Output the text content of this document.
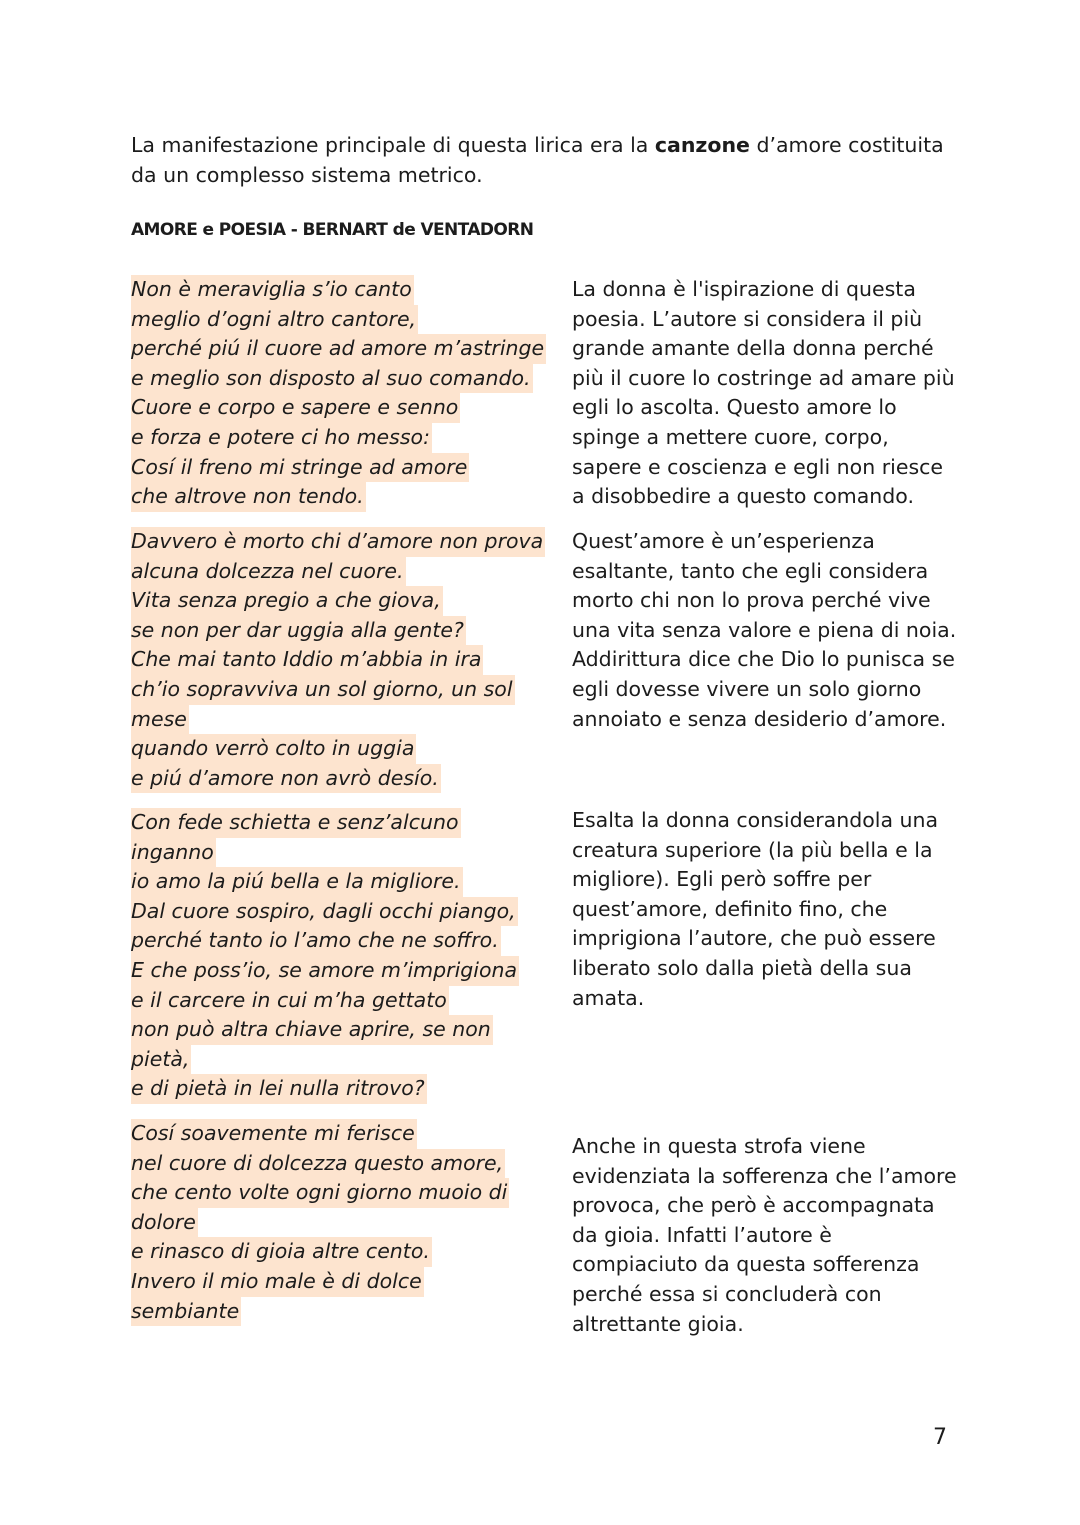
La manifestazione principale di questa lirica era la canzone d’amore costituita da un complesso sistema metrico.

AMORE e POESIA - BERNART de VENTADORN
Non è meraviglia s’io canto
meglio d’ogni altro cantore,
perché piú il cuore ad amore m’astringe
e meglio son disposto al suo comando.
Cuore e corpo e sapere e senno
e forza e potere ci ho messo:
Cosí il freno mi stringe ad amore
che altrove non tendo.

La donna è l'ispirazione di questa poesia. L’autore si considera il più grande amante della donna perché più il cuore lo costringe ad amare più egli lo ascolta. Questo amore lo spinge a mettere cuore, corpo, sapere e coscienza e egli non riesce a disobbedire a questo comando.

Davvero è morto chi d’amore non prova
alcuna dolcezza nel cuore.
Vita senza pregio a che giova,
se non per dar uggia alla gente?
Che mai tanto Iddio m’abbia in ira
ch’io sopravviva un sol giorno, un sol
mese
quando verrò colto in uggia
e piú d’amore non avrò desío.

Quest’amore è un’esperienza esaltante, tanto che egli considera morto chi non lo prova perché vive una vita senza valore e piena di noia. Addirittura dice che Dio lo punisca se egli dovesse vivere un solo giorno annoiato e senza desiderio d’amore.

Con fede schietta e senz’alcuno
inganno
io amo la piú bella e la migliore.
Dal cuore sospiro, dagli occhi piango,
perché tanto io l’amo che ne soffro.
E che poss’io, se amore m’imprigiona
e il carcere in cui m’ha gettato
non può altra chiave aprire, se non
pietà,
e di pietà in lei nulla ritrovo?

Esalta la donna considerandola una creatura superiore (la più bella e la migliore). Egli però soffre per quest’amore, definito fino, che imprigiona l’autore, che può essere liberato solo dalla pietà della sua amata.

Cosí soavemente mi ferisce
nel cuore di dolcezza questo amore,
che cento volte ogni giorno muoio di
dolore
e rinasco di gioia altre cento.
Invero il mio male è di dolce
sembiante

Anche in questa strofa viene evidenziata la sofferenza che l’amore provoca, che però è accompagnata da gioia. Infatti l’autore è compiaciuto da questa sofferenza perché essa si concluderà con altrettante gioia.

7
